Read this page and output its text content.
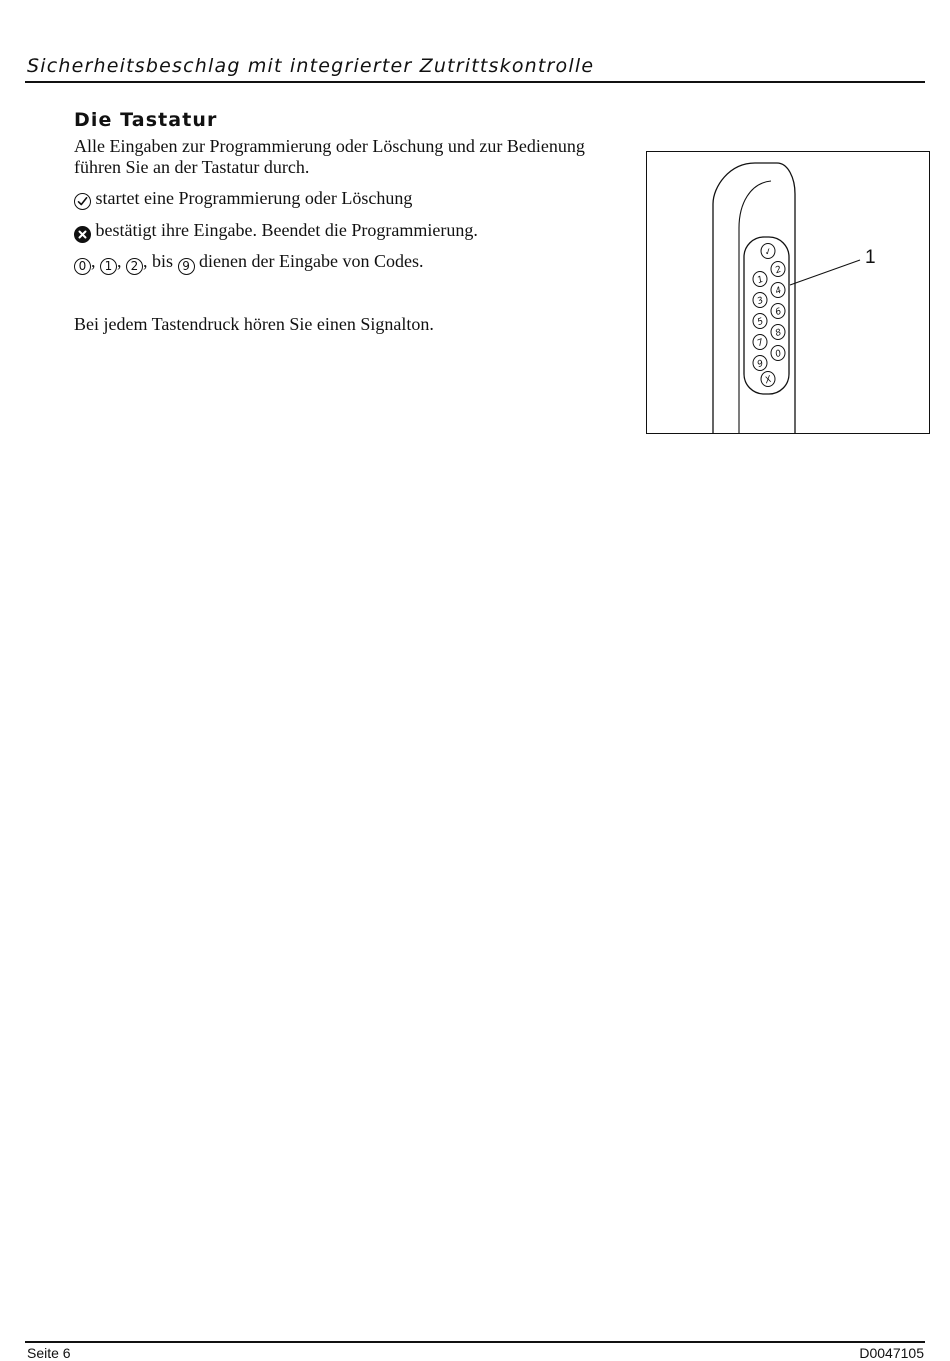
Sicherheitsbeschlag mit integrierter Zutrittskontrolle
Die Tastatur

Alle Eingaben zur Programmierung oder Löschung und zur Bedienung
führen Sie an der Tastatur durch.

startet eine Programmierung oder Löschung

bestätigt ihre Eingabe. Beendet die Programmierung.

0 , 1 , 2 , bis 9 dienen der Eingabe von Codes.

Bei jedem Tastendruck hören Sie einen Signalton.

✓
1
2
3
4
5
6
7
8
9
0
X
1
Seite 6	D0047105
